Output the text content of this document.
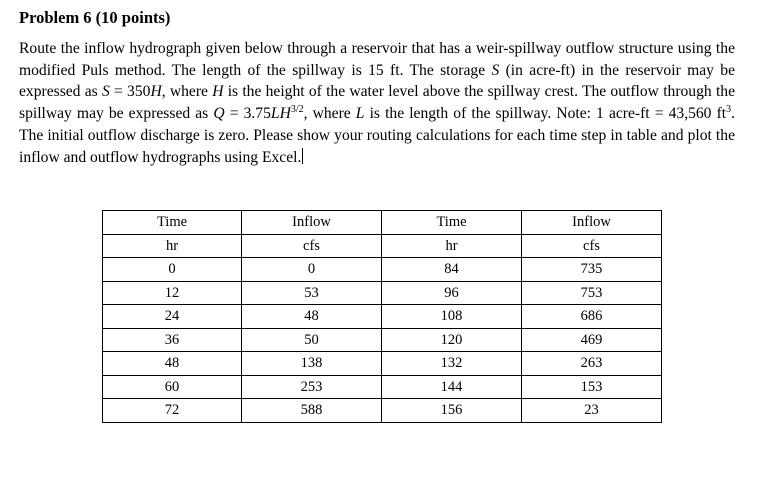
Problem 6 (10 points)

Route the inflow hydrograph given below through a reservoir that has a weir-spillway outflow structure using the modified Puls method. The length of the spillway is 15 ft. The storage S (in acre-ft) in the reservoir may be expressed as S = 350H, where H is the height of the water level above the spillway crest. The outflow through the spillway may be expressed as $Q = 3.75LH^{3/2}$, where L is the length of the spillway. Note: 1 acre-ft = 43,560 $ft^3$. The initial outflow discharge is zero. Please show your routing calculations for each time step in table and plot the inflow and outflow hydrographs using Excel.

Time	Inflow	Time	Inflow
hr	cfs	hr	cfs
0	0	84	735
12	53	96	753
24	48	108	686
36	50	120	469
48	138	132	263
60	253	144	153
72	588	156	23
